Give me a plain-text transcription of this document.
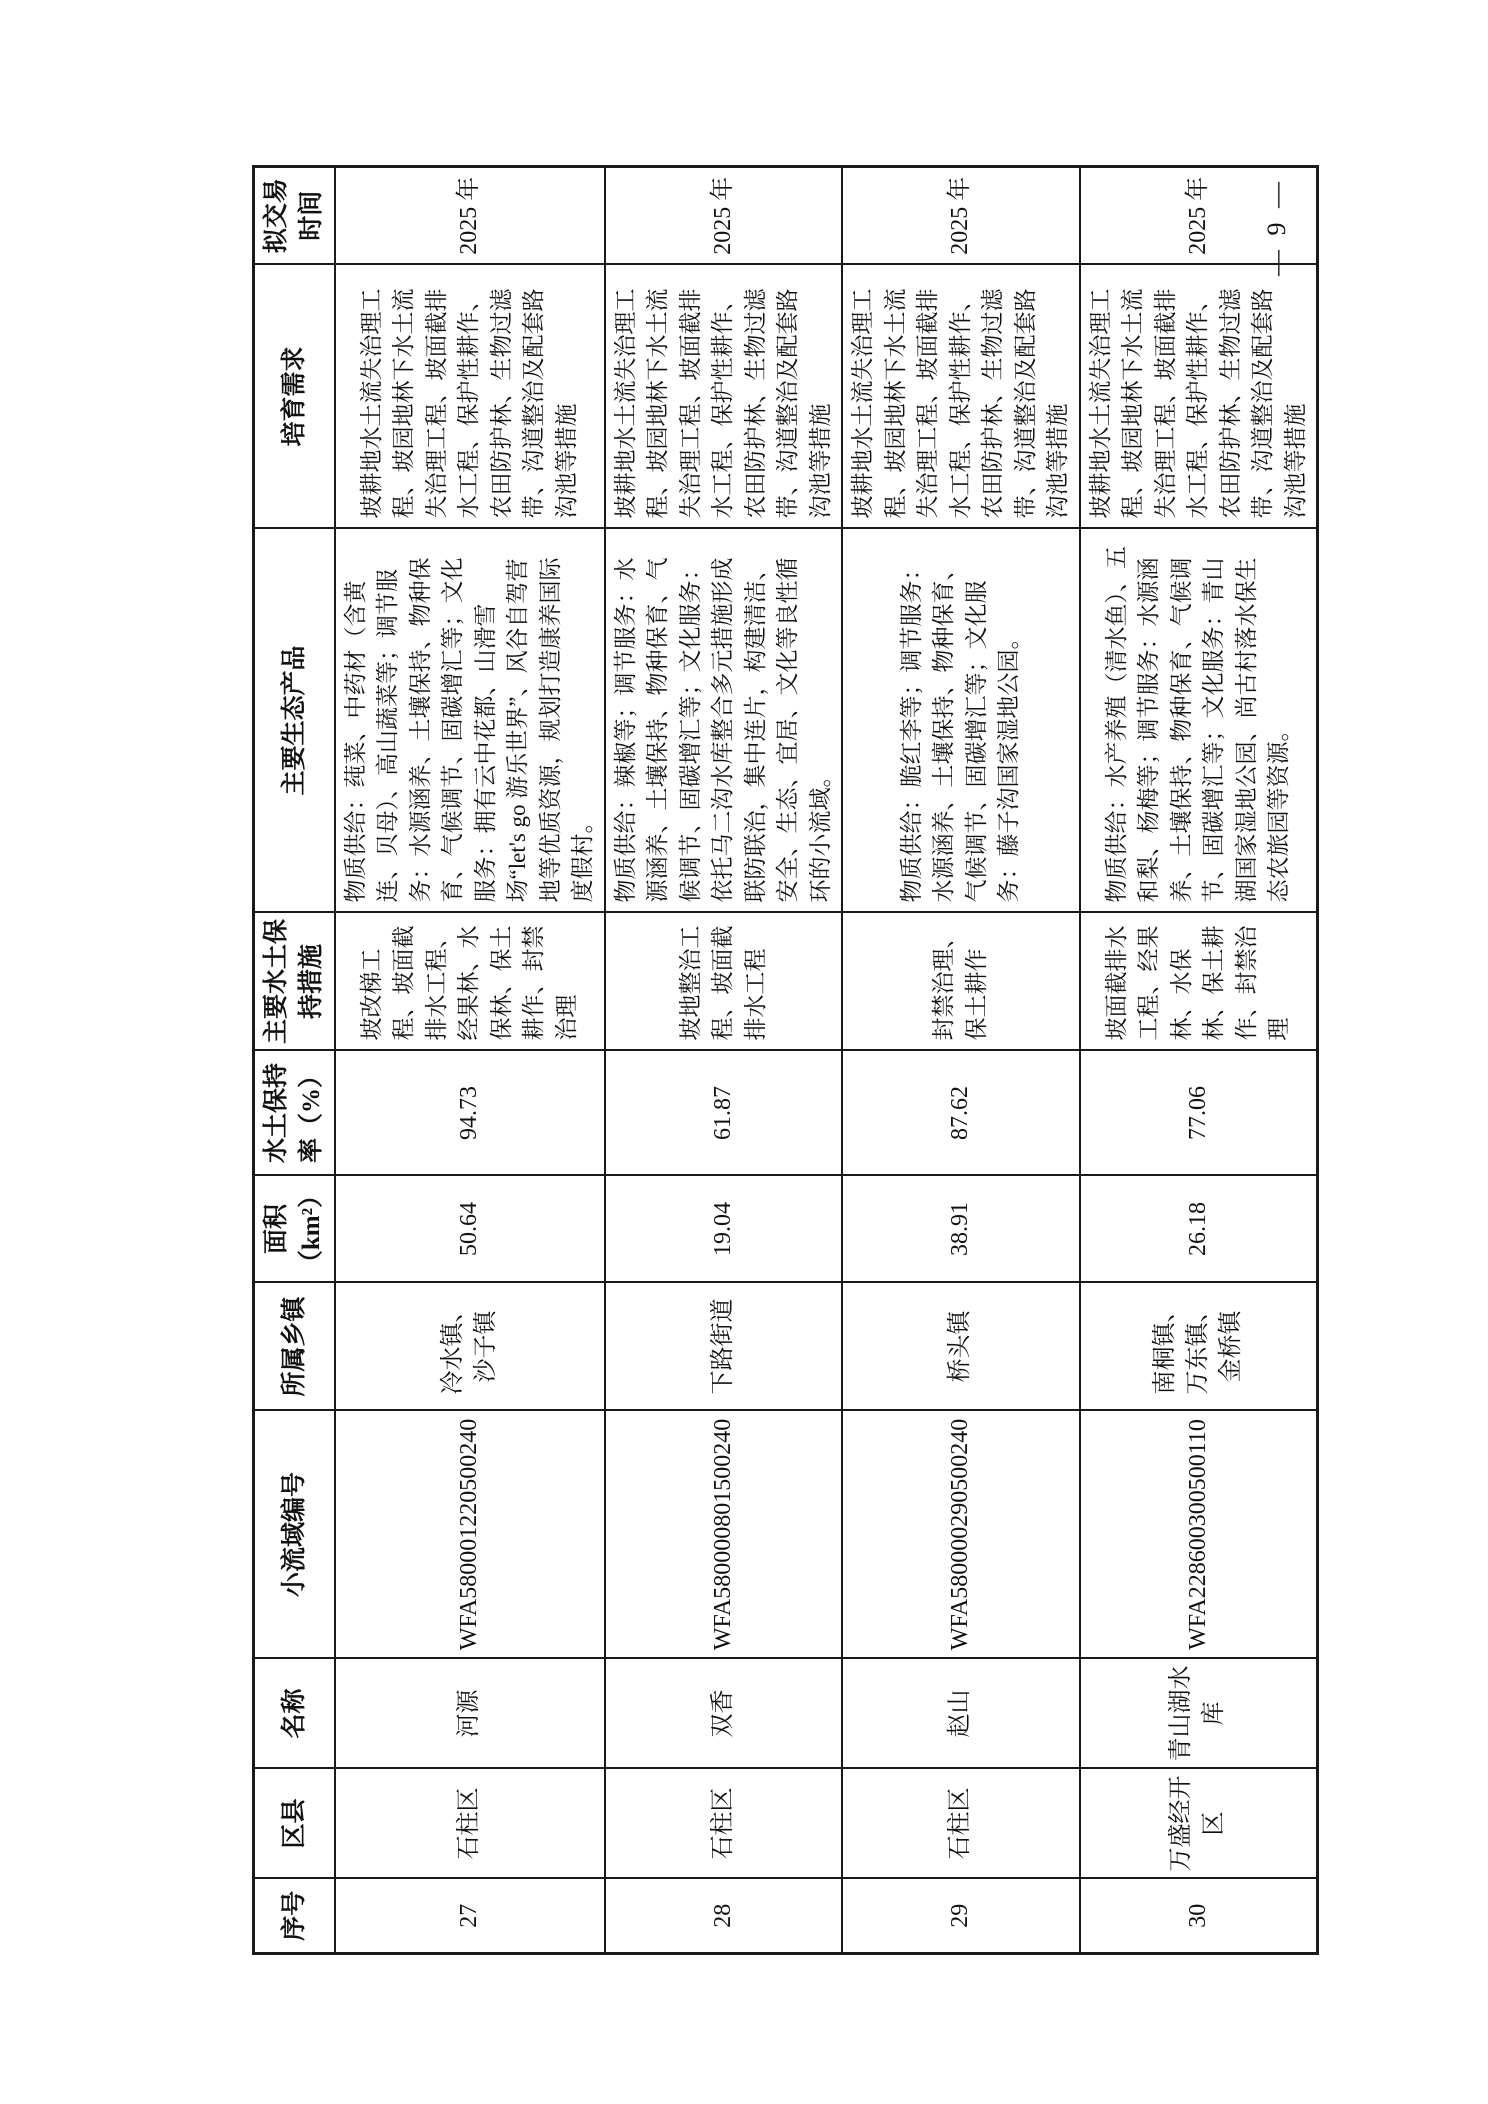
序号	区县	名称	小流域编号	所属乡镇	面积（km²）	水土保持率（%）	主要水土保持措施	主要生态产品	培育需求	拟交易时间
27	石柱区	河源	WFA580001220500240	冷水镇、沙子镇	50.64	94.73	坡改梯工程、坡面截排水工程、经果林、水保林、保土耕作、封禁治理	物质供给：莼菜、中药材（含黄连、贝母）、高山蔬菜等；调节服务：水源涵养、土壤保持、物种保育、气候调节、固碳增汇等；文化服务：拥有云中花都、山滑雪场“let's go 游乐世界”、风谷自驾营地等优质资源，规划打造康养国际度假村。	坡耕地水土流失治理工程、坡园地林下水土流失治理工程、坡面截排水工程、保护性耕作、农田防护林、生物过滤带、沟道整治及配套路沟池等措施	2025 年
28	石柱区	双香	WFA580000801500240	下路街道	19.04	61.87	坡地整治工程、坡面截排水工程	物质供给：辣椒等；调节服务：水源涵养、土壤保持、物种保育、气候调节、固碳增汇等；文化服务：依托马二沟水库整合多元措施形成联防联治，集中连片，构建清洁、安全、生态、宜居、文化等良性循环的小流域。	坡耕地水土流失治理工程、坡园地林下水土流失治理工程、坡面截排水工程、保护性耕作、农田防护林、生物过滤带、沟道整治及配套路沟池等措施	2025 年
29	石柱区	赵山	WFA580000290500240	桥头镇	38.91	87.62	封禁治理、保土耕作	物质供给：脆红李等；调节服务：水源涵养、土壤保持、物种保育、气候调节、固碳增汇等；文化服务：藤子沟国家湿地公园。	坡耕地水土流失治理工程、坡园地林下水土流失治理工程、坡面截排水工程、保护性耕作、农田防护林、生物过滤带、沟道整治及配套路沟池等措施	2025 年
30	万盛经开区	青山湖水库	WFA228600300500110	南桐镇、万东镇、金桥镇	26.18	77.06	坡面截排水工程、经果林、水保林、保土耕作、封禁治理	物质供给：水产养殖（清水鱼）、五和梨、杨梅等；调节服务：水源涵养、土壤保持、物种保育、气候调节、固碳增汇等；文化服务：青山湖国家湿地公园、尚古村落水保生态农旅园等资源。	坡耕地水土流失治理工程、坡园地林下水土流失治理工程、坡面截排水工程、保护性耕作、农田防护林、生物过滤带、沟道整治及配套路沟池等措施	2025 年 — 9 —
